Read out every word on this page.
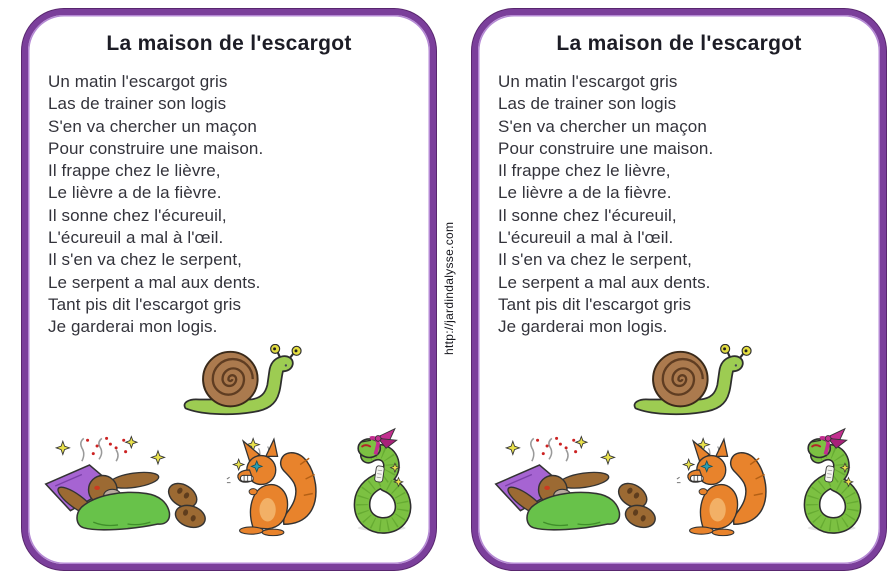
La maison de l'escargot
Un matin l'escargot gris
Las de trainer son logis
S'en va chercher un maçon
Pour construire une maison.
Il frappe chez le lièvre,
Le lièvre a de la fièvre.
Il sonne chez l'écureuil,
L'écureuil a mal à l'œil.
Il s'en va chez le serpent,
Le serpent a mal aux dents.
Tant pis dit l'escargot gris
Je garderai mon logis.
La maison de l'escargot
Un matin l'escargot gris
Las de trainer son logis
S'en va chercher un maçon
Pour construire une maison.
Il frappe chez le lièvre,
Le lièvre a de la fièvre.
Il sonne chez l'écureuil,
L'écureuil a mal à l'œil.
Il s'en va chez le serpent,
Le serpent a mal aux dents.
Tant pis dit l'escargot gris
Je garderai mon logis.
http://jardindalysse.com
